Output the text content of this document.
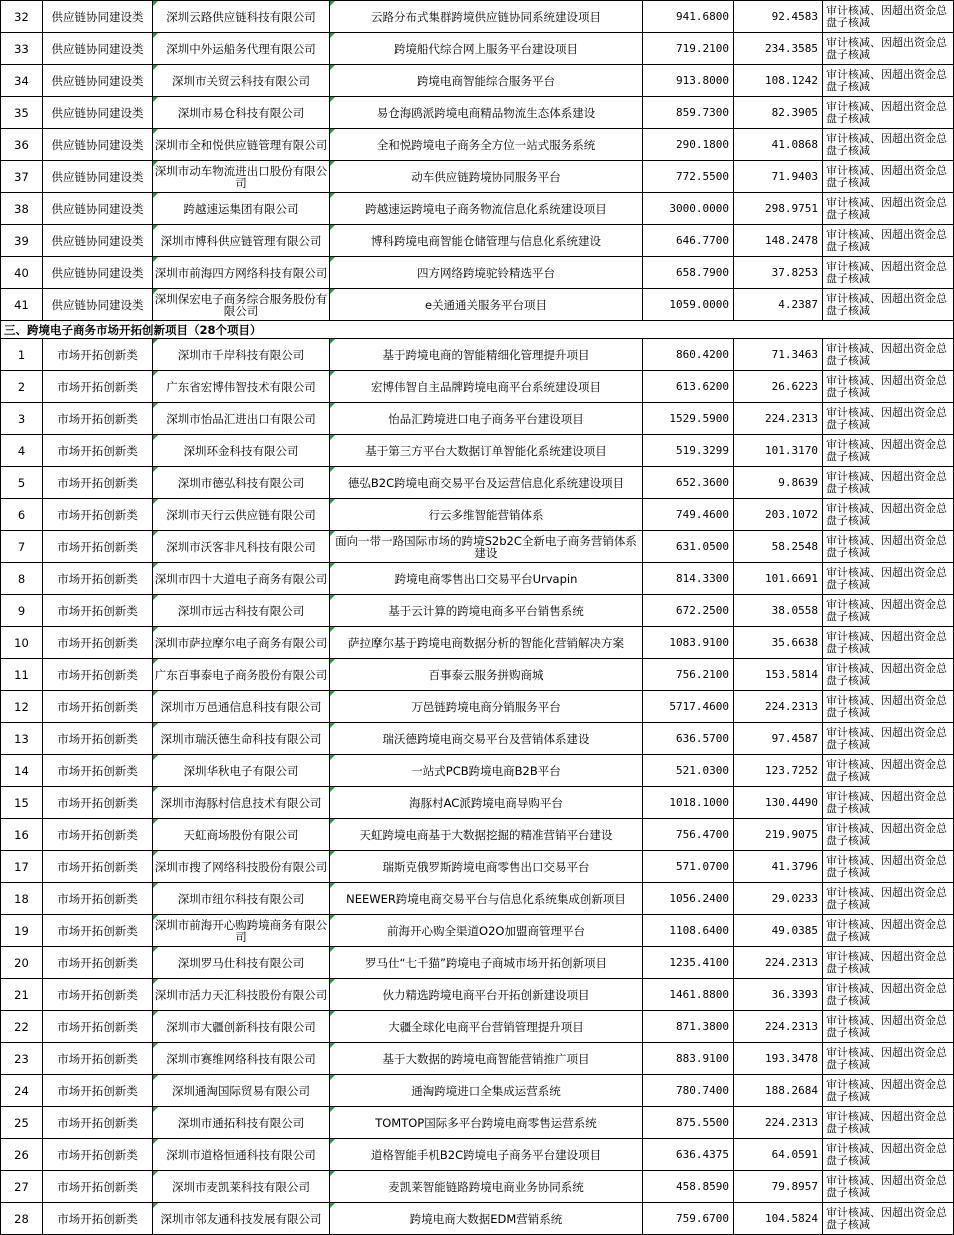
32	供应链协同建设类	深圳云路供应链科技有限公司	云路分布式集群跨境供应链协同系统建设项目	941.6800	92.4583	审计核减、因超出资金总盘子核减
33	供应链协同建设类	深圳中外运船务代理有限公司	跨境船代综合网上服务平台建设项目	719.2100	234.3585	审计核减、因超出资金总盘子核减
34	供应链协同建设类	深圳市关贸云科技有限公司	跨境电商智能综合服务平台	913.8000	108.1242	审计核减、因超出资金总盘子核减
35	供应链协同建设类	深圳市易仓科技有限公司	易仓海鸥派跨境电商精品物流生态体系建设	859.7300	82.3905	审计核减、因超出资金总盘子核减
36	供应链协同建设类	深圳市全和悦供应链管理有限公司	全和悦跨境电子商务全方位一站式服务系统	290.1800	41.0868	审计核减、因超出资金总盘子核减
37	供应链协同建设类	深圳市动车物流进出口股份有限公司	动车供应链跨境协同服务平台	772.5500	71.9403	审计核减、因超出资金总盘子核减
38	供应链协同建设类	跨越速运集团有限公司	跨越速运跨境电子商务物流信息化系统建设项目	3000.0000	298.9751	审计核减、因超出资金总盘子核减
39	供应链协同建设类	深圳市博科供应链管理有限公司	博科跨境电商智能仓储管理与信息化系统建设	646.7700	148.2478	审计核减、因超出资金总盘子核减
40	供应链协同建设类	深圳市前海四方网络科技有限公司	四方网络跨境驼铃精选平台	658.7900	37.8253	审计核减、因超出资金总盘子核减
41	供应链协同建设类	深圳保宏电子商务综合服务股份有限公司	e关通通关服务平台项目	1059.0000	4.2387	审计核减、因超出资金总盘子核减
三、跨境电子商务市场开拓创新项目（28个项目）						
1	市场开拓创新类	深圳市千岸科技有限公司	基于跨境电商的智能精细化管理提升项目	860.4200	71.3463	审计核减、因超出资金总盘子核减
2	市场开拓创新类	广东省宏博伟智技术有限公司	宏博伟智自主品牌跨境电商平台系统建设项目	613.6200	26.6223	审计核减、因超出资金总盘子核减
3	市场开拓创新类	深圳市怡品汇进出口有限公司	怡品汇跨境进口电子商务平台建设项目	1529.5900	224.2313	审计核减、因超出资金总盘子核减
4	市场开拓创新类	深圳环金科技有限公司	基于第三方平台大数据订单智能化系统建设项目	519.3299	101.3170	审计核减、因超出资金总盘子核减
5	市场开拓创新类	深圳市德弘科技有限公司	德弘B2C跨境电商交易平台及运营信息化系统建设项目	652.3600	9.8639	审计核减、因超出资金总盘子核减
6	市场开拓创新类	深圳市天行云供应链有限公司	行云多维智能营销体系	749.4600	203.1072	审计核减、因超出资金总盘子核减
7	市场开拓创新类	深圳市沃客非凡科技有限公司	面向一带一路国际市场的跨境S2b2C全新电子商务营销体系建设	631.0500	58.2548	审计核减、因超出资金总盘子核减
8	市场开拓创新类	深圳市四十大道电子商务有限公司	跨境电商零售出口交易平台Urvapin	814.3300	101.6691	审计核减、因超出资金总盘子核减
9	市场开拓创新类	深圳市远古科技有限公司	基于云计算的跨境电商多平台销售系统	672.2500	38.0558	审计核减、因超出资金总盘子核减
10	市场开拓创新类	深圳市萨拉摩尔电子商务有限公司	萨拉摩尔基于跨境电商数据分析的智能化营销解决方案	1083.9100	35.6638	审计核减、因超出资金总盘子核减
11	市场开拓创新类	广东百事泰电子商务股份有限公司	百事泰云服务拼购商城	756.2100	153.5814	审计核减、因超出资金总盘子核减
12	市场开拓创新类	深圳市万邑通信息科技有限公司	万邑链跨境电商分销服务平台	5717.4600	224.2313	审计核减、因超出资金总盘子核减
13	市场开拓创新类	深圳市瑞沃德生命科技有限公司	瑞沃德跨境电商交易平台及营销体系建设	636.5700	97.4587	审计核减、因超出资金总盘子核减
14	市场开拓创新类	深圳华秋电子有限公司	一站式PCB跨境电商B2B平台	521.0300	123.7252	审计核减、因超出资金总盘子核减
15	市场开拓创新类	深圳市海豚村信息技术有限公司	海豚村AC派跨境电商导购平台	1018.1000	130.4490	审计核减、因超出资金总盘子核减
16	市场开拓创新类	天虹商场股份有限公司	天虹跨境电商基于大数据挖掘的精准营销平台建设	756.4700	219.9075	审计核减、因超出资金总盘子核减
17	市场开拓创新类	深圳市搜了网络科技股份有限公司	瑞斯克俄罗斯跨境电商零售出口交易平台	571.0700	41.3796	审计核减、因超出资金总盘子核减
18	市场开拓创新类	深圳市纽尔科技有限公司	NEEWER跨境电商交易平台与信息化系统集成创新项目	1056.2400	29.0233	审计核减、因超出资金总盘子核减
19	市场开拓创新类	深圳市前海开心购跨境商务有限公司	前海开心购全渠道O2O加盟商管理平台	1108.6400	49.0385	审计核减、因超出资金总盘子核减
20	市场开拓创新类	深圳罗马仕科技有限公司	罗马仕“七千猫”跨境电子商城市场开拓创新项目	1235.4100	224.2313	审计核减、因超出资金总盘子核减
21	市场开拓创新类	深圳市活力天汇科技股份有限公司	伙力精选跨境电商平台开拓创新建设项目	1461.8800	36.3393	审计核减、因超出资金总盘子核减
22	市场开拓创新类	深圳市大疆创新科技有限公司	大疆全球化电商平台营销管理提升项目	871.3800	224.2313	审计核减、因超出资金总盘子核减
23	市场开拓创新类	深圳市赛维网络科技有限公司	基于大数据的跨境电商智能营销推广项目	883.9100	193.3478	审计核减、因超出资金总盘子核减
24	市场开拓创新类	深圳通淘国际贸易有限公司	通淘跨境进口全集成运营系统	780.7400	188.2684	审计核减、因超出资金总盘子核减
25	市场开拓创新类	深圳市通拓科技有限公司	TOMTOP国际多平台跨境电商零售运营系统	875.5500	224.2313	审计核减、因超出资金总盘子核减
26	市场开拓创新类	深圳市道格恒通科技有限公司	道格智能手机B2C跨境电子商务平台建设项目	636.4375	64.0591	审计核减、因超出资金总盘子核减
27	市场开拓创新类	深圳市麦凯莱科技有限公司	麦凯莱智能链路跨境电商业务协同系统	458.8590	79.8957	审计核减、因超出资金总盘子核减
28	市场开拓创新类	深圳市邻友通科技发展有限公司	跨境电商大数据EDM营销系统	759.6700	104.5824	审计核减、因超出资金总盘子核减
